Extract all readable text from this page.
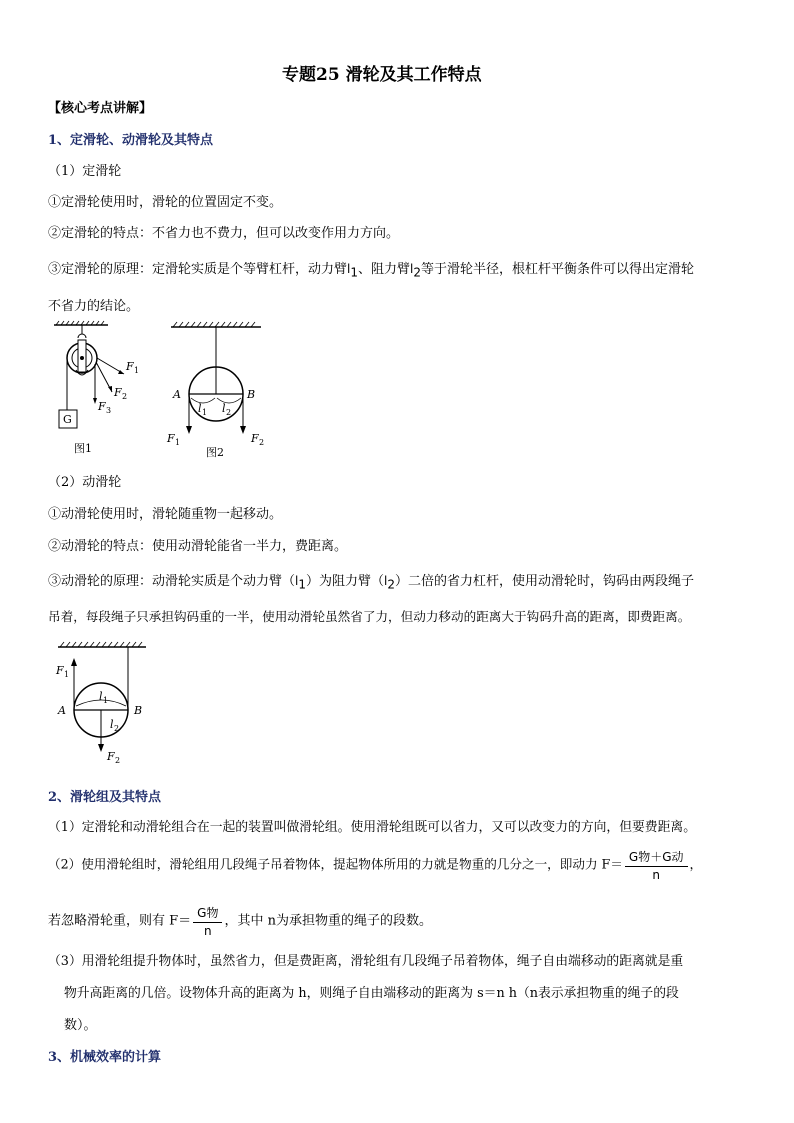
专题25 滑轮及其工作特点
【核心考点讲解】
1、定滑轮、动滑轮及其特点
（1）定滑轮
①定滑轮使用时，滑轮的位置固定不变。
②定滑轮的特点：不省力也不费力，但可以改变作用力方向。
③定滑轮的原理：定滑轮实质是个等臂杠杆，动力臂$l_1$、阻力臂$l_2$等于滑轮半径，根杠杆平衡条件可以得出定滑轮
不省力的结论。
G
F 1
F 2
F 3
图1
A	B
l 1 l 2
F 1	F 2
图2
（2）动滑轮
①动滑轮使用时，滑轮随重物一起移动。
②动滑轮的特点：使用动滑轮能省一半力，费距离。
③动滑轮的原理：动滑轮实质是个动力臂$(l_1)$为阻力臂$(l_2)$二倍的省力杠杆，使用动滑轮时，钩码由两段绳子
吊着，每段绳子只承担钩码重的一半，使用动滑轮虽然省了力，但动力移动的距离大于钩码升高的距离，即费距离。
F 1
A	B
l 1
l 2
F 2
2、滑轮组及其特点
（1）定滑轮和动滑轮组合在一起的装置叫做滑轮组。使用滑轮组既可以省力，又可以改变力的方向，但要费距离。
（2）使用滑轮组时，滑轮组用几段绳子吊着物体，提起物体所用的力就是物重的几分之一，即动力 $F= \frac{\text{G物＋G动}}{n}$ ，
若忽略滑轮重，则有 $F= \frac{\text{G物}}{n}$ ，其中 n为承担物重的绳子的段数。
（3）用滑轮组提升物体时，虽然省力，但是费距离，滑轮组有几段绳子吊着物体，绳子自由端移动的距离就是重
物升高距离的几倍。设物体升高的距离为 h，则绳子自由端移动的距离为 s＝n h（n表示承担物重的绳子的段
数）。
3、机械效率的计算
